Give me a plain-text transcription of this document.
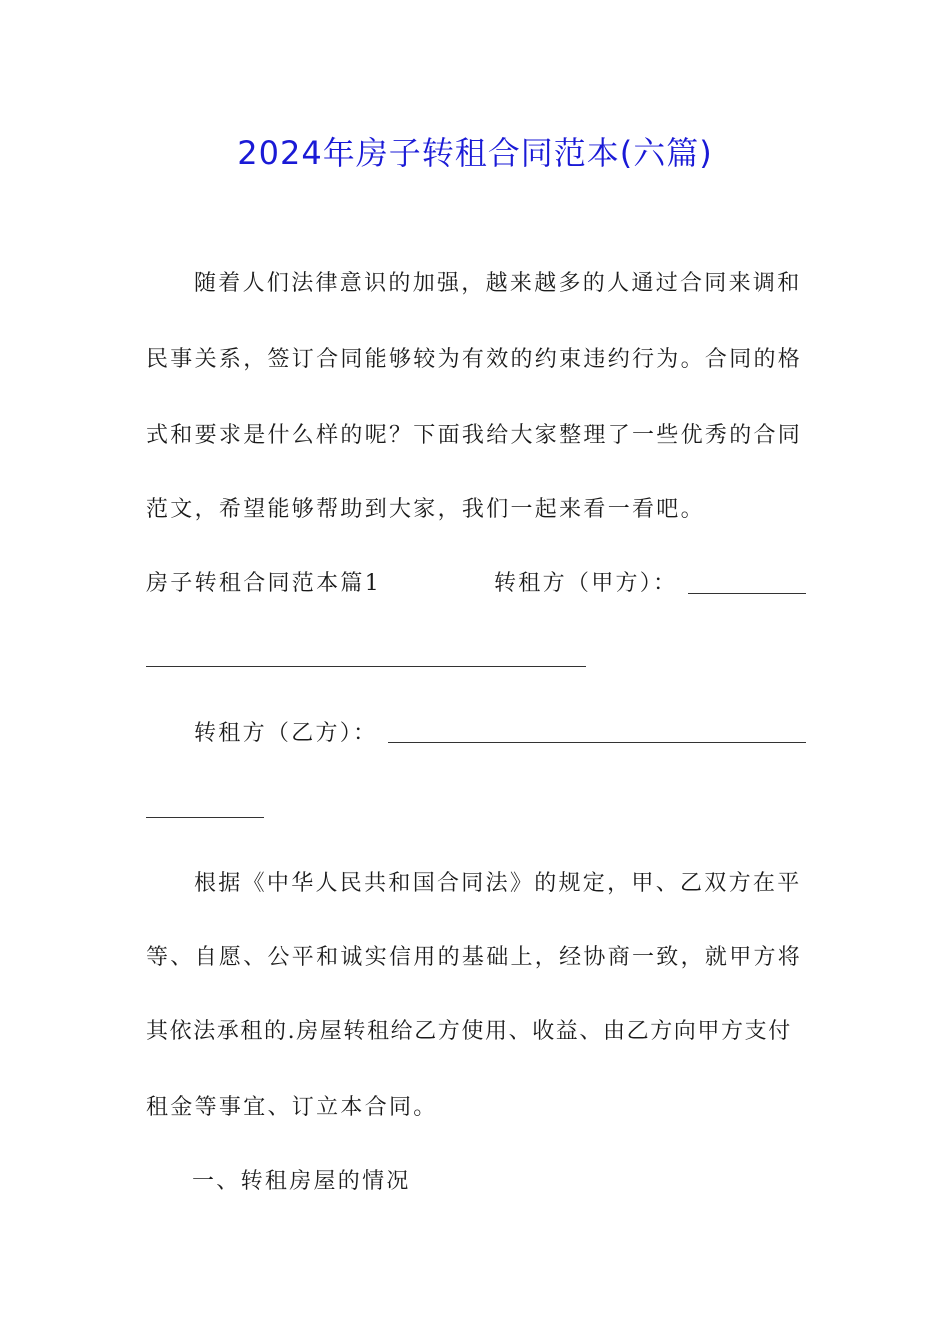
2024年房子转租合同范本(六篇)
随着人们法律意识的加强，越来越多的人通过合同来调和
民事关系，签订合同能够较为有效的约束违约行为。合同的格
式和要求是什么样的呢？下面我给大家整理了一些优秀的合同
范文，希望能够帮助到大家，我们一起来看一看吧。
房子转租合同范本篇1	转租方（甲方）：
转租方（乙方）：
根据《中华人民共和国合同法》的规定，甲、乙双方在平
等、自愿、公平和诚实信用的基础上，经协商一致，就甲方将
其依法承租的.房屋转租给乙方使用、收益、由乙方向甲方支付
租金等事宜、订立本合同。
一、转租房屋的情况
